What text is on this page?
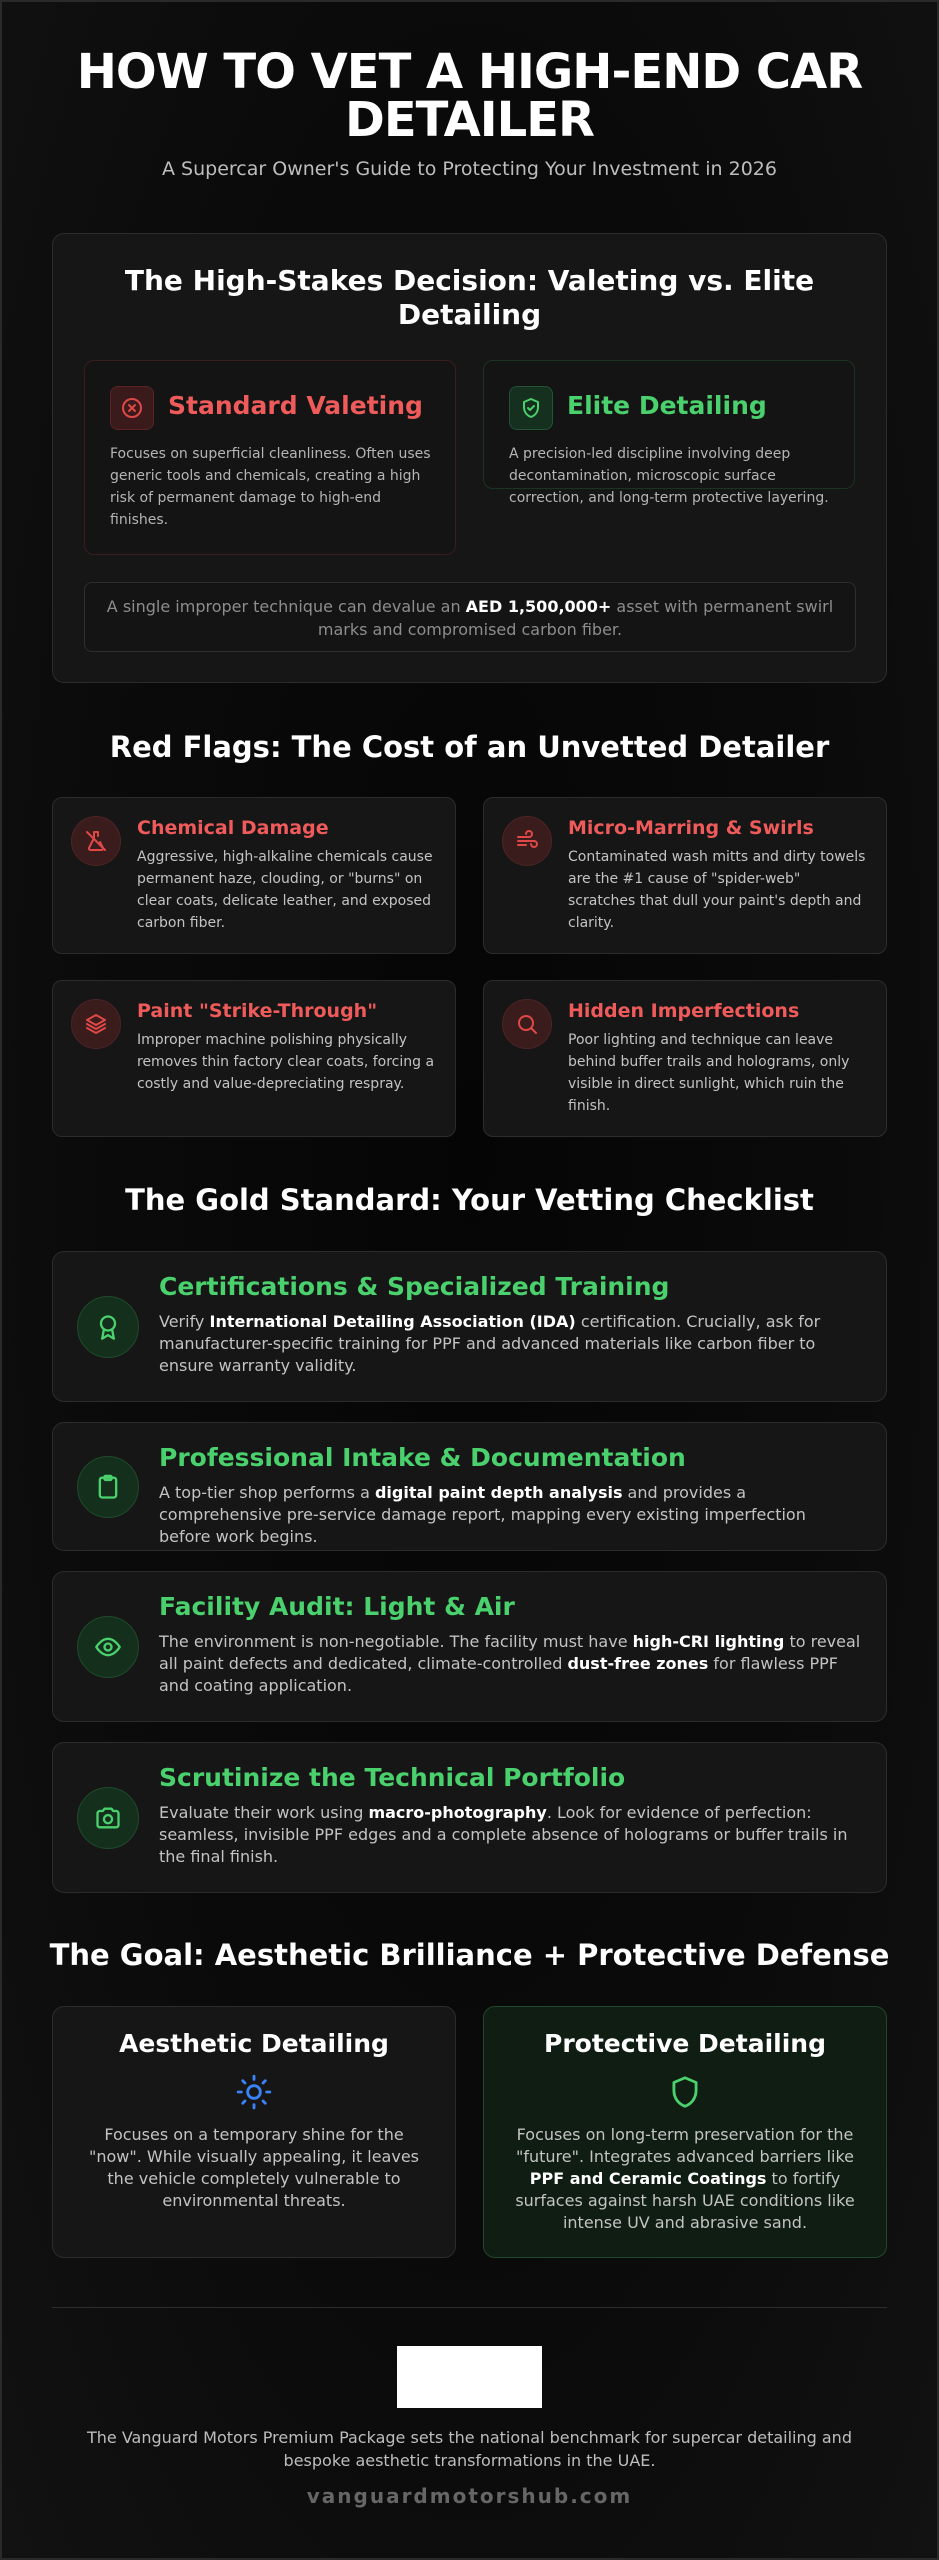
HOW TO VET A HIGH-END CAR DETAILER
A Supercar Owner's Guide to Protecting Your Investment in 2026
The High-Stakes Decision: Valeting vs. Elite Detailing
Standard Valeting
Focuses on superficial cleanliness. Often uses generic tools and chemicals, creating a high risk of permanent damage to high-end finishes.
Elite Detailing
A precision-led discipline involving deep decontamination, microscopic surface correction, and long-term protective layering.
A single improper technique can devalue an AED 1,500,000+ asset with permanent swirl marks and compromised carbon fiber.
Red Flags: The Cost of an Unvetted Detailer
Chemical Damage
Aggressive, high-alkaline chemicals cause permanent haze, clouding, or "burns" on clear coats, delicate leather, and exposed carbon fiber.
Micro-Marring & Swirls
Contaminated wash mitts and dirty towels are the #1 cause of "spider-web" scratches that dull your paint's depth and clarity.
Paint "Strike-Through"
Improper machine polishing physically removes thin factory clear coats, forcing a costly and value-depreciating respray.
Hidden Imperfections
Poor lighting and technique can leave behind buffer trails and holograms, only visible in direct sunlight, which ruin the finish.
The Gold Standard: Your Vetting Checklist
Certifications & Specialized Training
Verify International Detailing Association (IDA) certification. Crucially, ask for manufacturer-specific training for PPF and advanced materials like carbon fiber to ensure warranty validity.
Professional Intake & Documentation
A top-tier shop performs a digital paint depth analysis and provides a comprehensive pre-service damage report, mapping every existing imperfection before work begins.
Facility Audit: Light & Air
The environment is non-negotiable. The facility must have high-CRI lighting to reveal all paint defects and dedicated, climate-controlled dust-free zones for flawless PPF and coating application.
Scrutinize the Technical Portfolio
Evaluate their work using macro-photography. Look for evidence of perfection: seamless, invisible PPF edges and a complete absence of holograms or buffer trails in the final finish.
The Goal: Aesthetic Brilliance + Protective Defense
Aesthetic Detailing
Focuses on a temporary shine for the "now". While visually appealing, it leaves the vehicle completely vulnerable to environmental threats.
Protective Detailing
Focuses on long-term preservation for the "future". Integrates advanced barriers like PPF and Ceramic Coatings to fortify surfaces against harsh UAE conditions like intense UV and abrasive sand.
The Vanguard Motors Premium Package sets the national benchmark for supercar detailing and bespoke aesthetic transformations in the UAE.
vanguardmotorshub.com
